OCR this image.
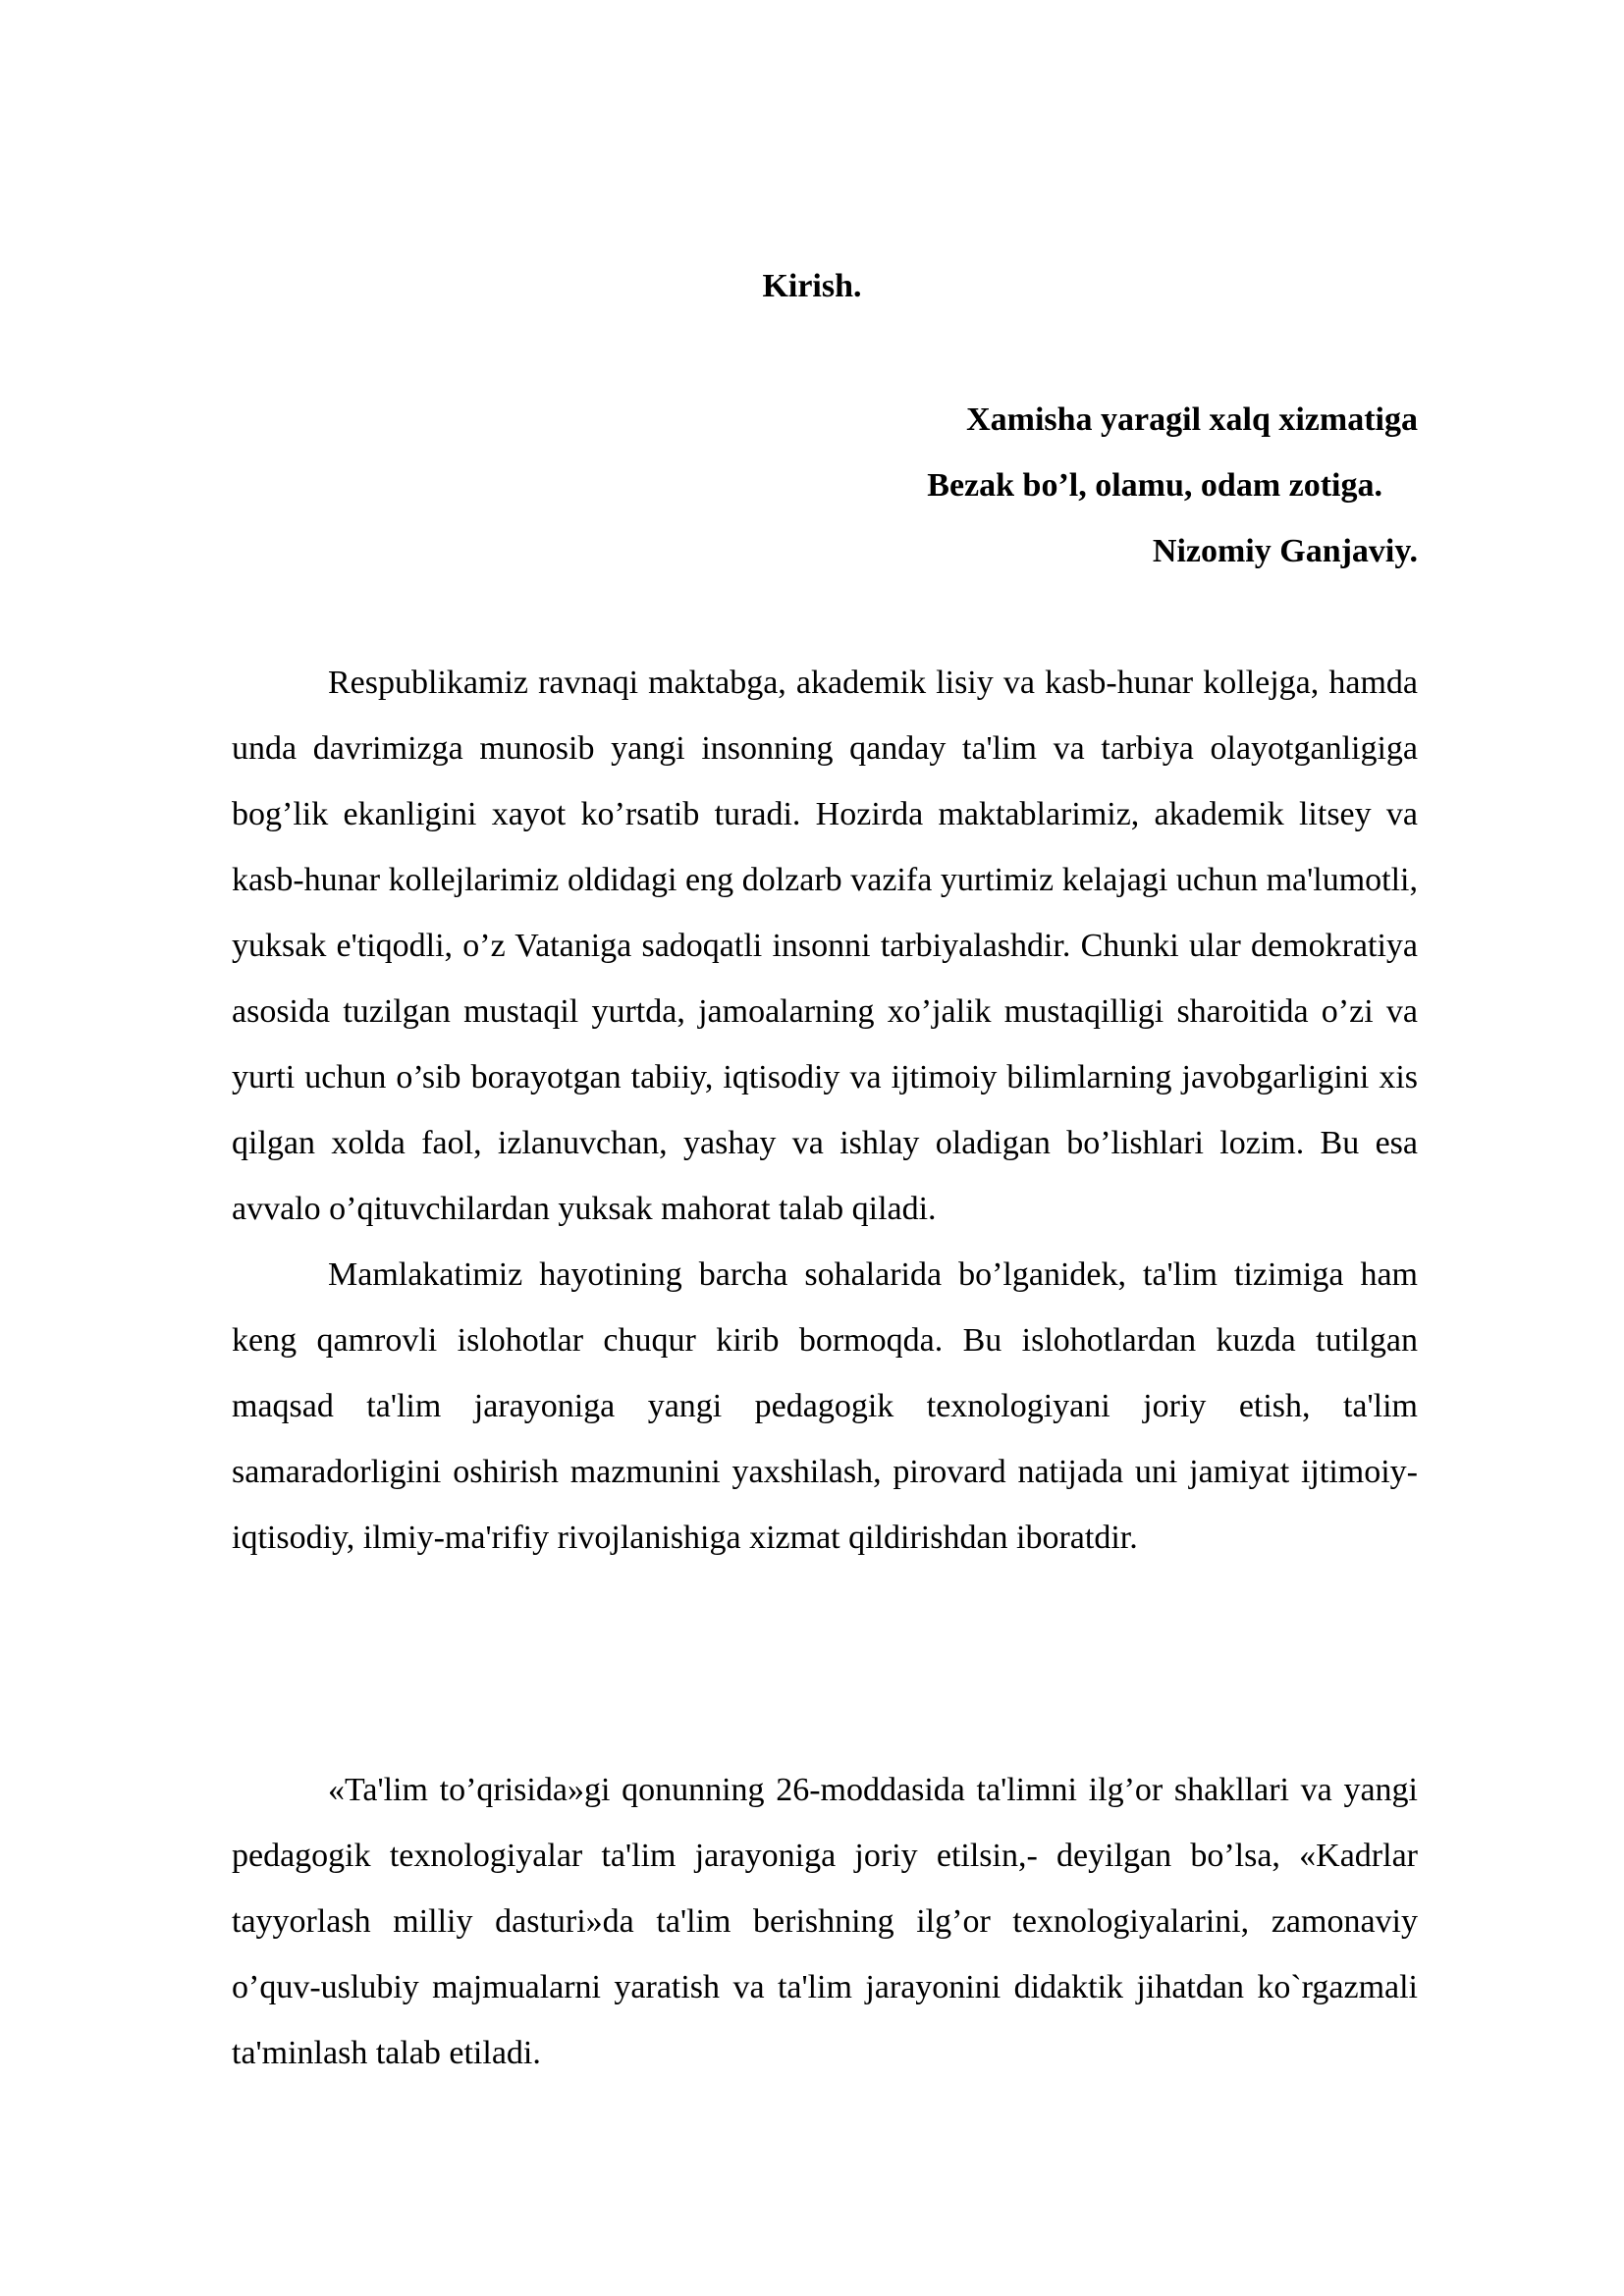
Kirish.
Xamisha yaragil xalq xizmatiga
Bezak bo’l, olamu, odam zotiga.
Nizomiy Ganjaviy.

Respublikamiz ravnaqi maktabga, akademik lisiy va kasb-hunar kollejga, hamda unda davrimizga munosib yangi insonning qanday ta'lim va tarbiya olayotganligiga bog’lik ekanligini xayot ko’rsatib turadi. Hozirda maktablarimiz, akademik litsey va kasb-hunar kollejlarimiz oldidagi eng dolzarb vazifa yurtimiz kelajagi uchun ma'lumotli, yuksak e'tiqodli, o’z Vataniga sadoqatli insonni tarbiyalashdir. Chunki ular demokratiya asosida tuzilgan mustaqil yurtda, jamoalarning xo’jalik mustaqilligi sharoitida o’zi va yurti uchun o’sib borayotgan tabiiy, iqtisodiy va ijtimoiy bilimlarning javobgarligini xis qilgan xolda faol, izlanuvchan, yashay va ishlay oladigan bo’lishlari lozim. Bu esa avvalo o’qituvchilardan yuksak mahorat talab qiladi.

Mamlakatimiz hayotining barcha sohalarida bo’lganidek, ta'lim tizimiga ham keng qamrovli islohotlar chuqur kirib bormoqda. Bu islohotlardan kuzda tutilgan maqsad ta'lim jarayoniga yangi pedagogik texnologiyani joriy etish, ta'lim samaradorligini oshirish mazmunini yaxshilash, pirovard natijada uni jamiyat ijtimoiy-iqtisodiy, ilmiy-ma'rifiy rivojlanishiga xizmat qildirishdan iboratdir.

«Ta'lim to’qrisida»gi qonunning 26-moddasida ta'limni ilg’or shakllari va yangi pedagogik texnologiyalar ta'lim jarayoniga joriy etilsin,- deyilgan bo’lsa, «Kadrlar tayyorlash milliy dasturi»da ta'lim berishning ilg’or texnologiyalarini, zamonaviy o’quv-uslubiy majmualarni yaratish va ta'lim jarayonini didaktik jihatdan ko`rgazmali ta'minlash talab etiladi.
